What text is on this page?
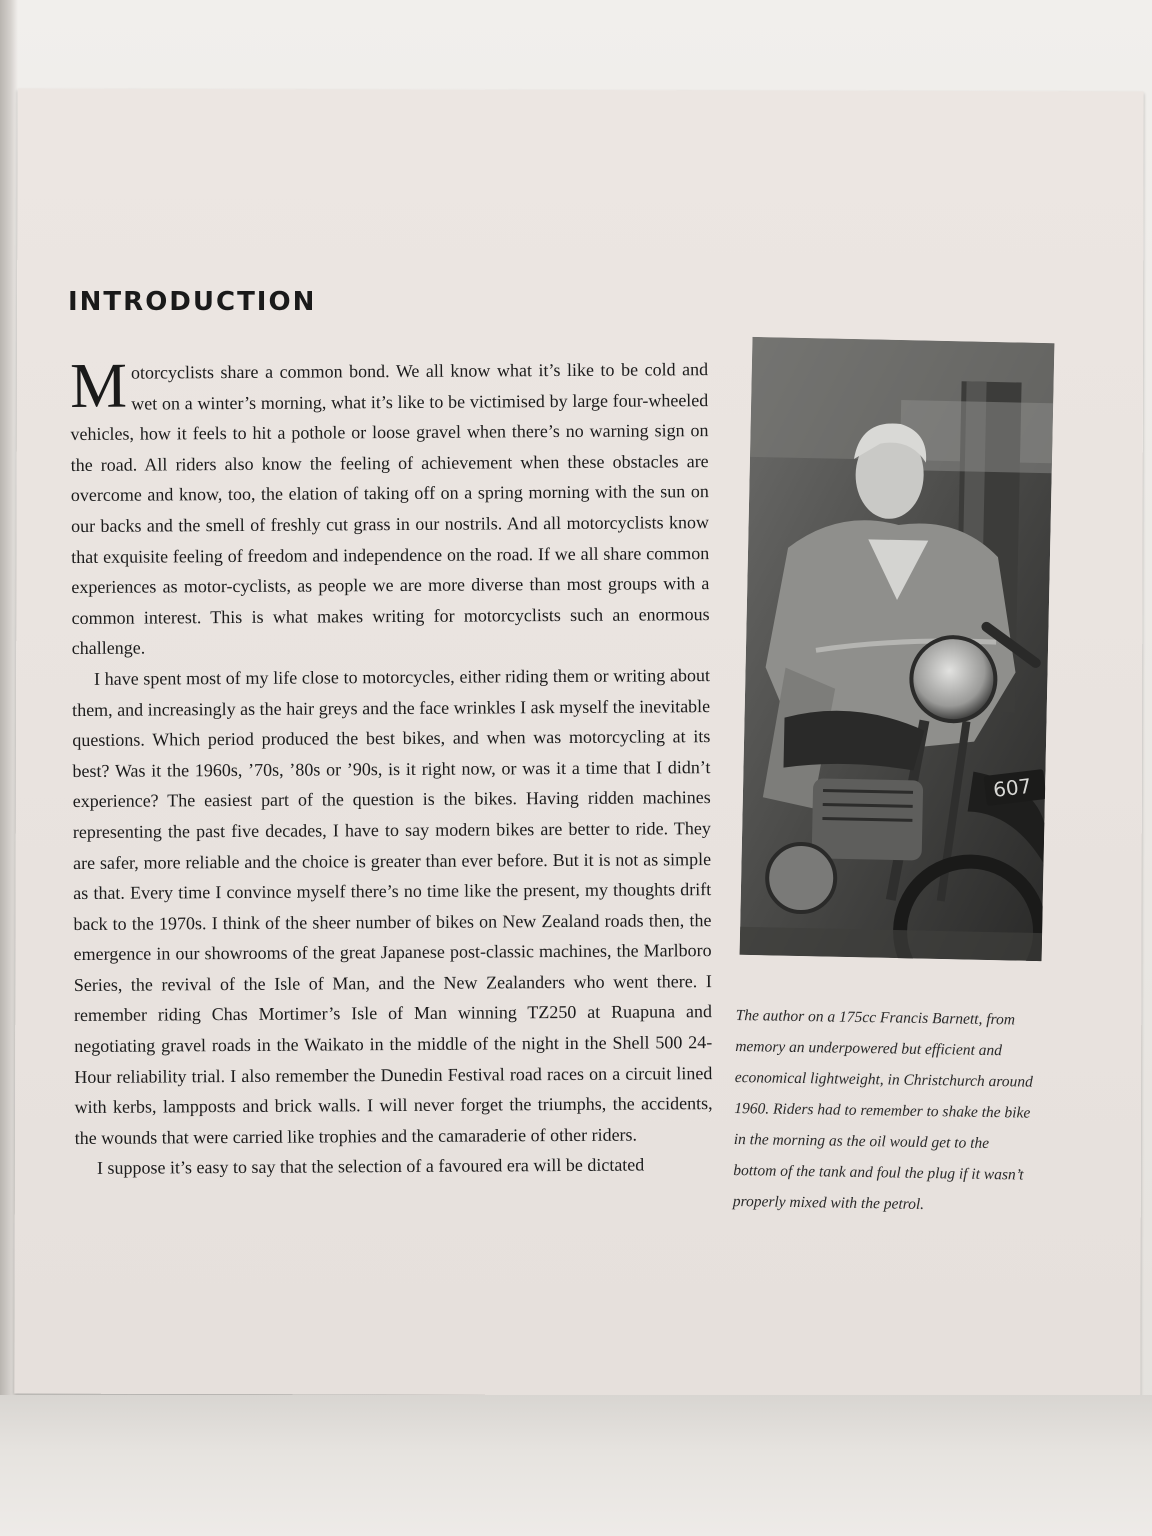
INTRODUCTION

Motorcyclists share a common bond. We all know what it’s like to be cold and wet on a winter’s morning, what it’s like to be victimised by large four-wheeled vehicles, how it feels to hit a pothole or loose gravel when there’s no warning sign on the road. All riders also know the feeling of achievement when these obstacles are overcome and know, too, the elation of taking off on a spring morning with the sun on our backs and the smell of freshly cut grass in our nostrils. And all motorcyclists know that exquisite feeling of freedom and independence on the road. If we all share common experiences as motor-cyclists, as people we are more diverse than most groups with a common interest. This is what makes writing for motorcyclists such an enormous challenge.

I have spent most of my life close to motorcycles, either riding them or writing about them, and increasingly as the hair greys and the face wrinkles I ask myself the inevitable questions. Which period produced the best bikes, and when was motorcycling at its best? Was it the 1960s, ’70s, ’80s or ’90s, is it right now, or was it a time that I didn’t experience? The easiest part of the question is the bikes. Having ridden machines representing the past five decades, I have to say modern bikes are better to ride. They are safer, more reliable and the choice is greater than ever before. But it is not as simple as that. Every time I convince myself there’s no time like the present, my thoughts drift back to the 1970s. I think of the sheer number of bikes on New Zealand roads then, the emergence in our showrooms of the great Japanese post-classic machines, the Marlboro Series, the revival of the Isle of Man, and the New Zealanders who went there. I remember riding Chas Mortimer’s Isle of Man winning TZ250 at Ruapuna and negotiating gravel roads in the Waikato in the middle of the night in the Shell 500 24-Hour reliability trial. I also remember the Dunedin Festival road races on a circuit lined with kerbs, lampposts and brick walls. I will never forget the triumphs, the accidents, the wounds that were carried like trophies and the camaraderie of other riders.

I suppose it’s easy to say that the selection of a favoured era will be dictated

607

The author on a 175cc Francis Barnett, from memory an underpowered but efficient and economical lightweight, in Christchurch around 1960. Riders had to remember to shake the bike in the morning as the oil would get to the bottom of the tank and foul the plug if it wasn’t properly mixed with the petrol.
